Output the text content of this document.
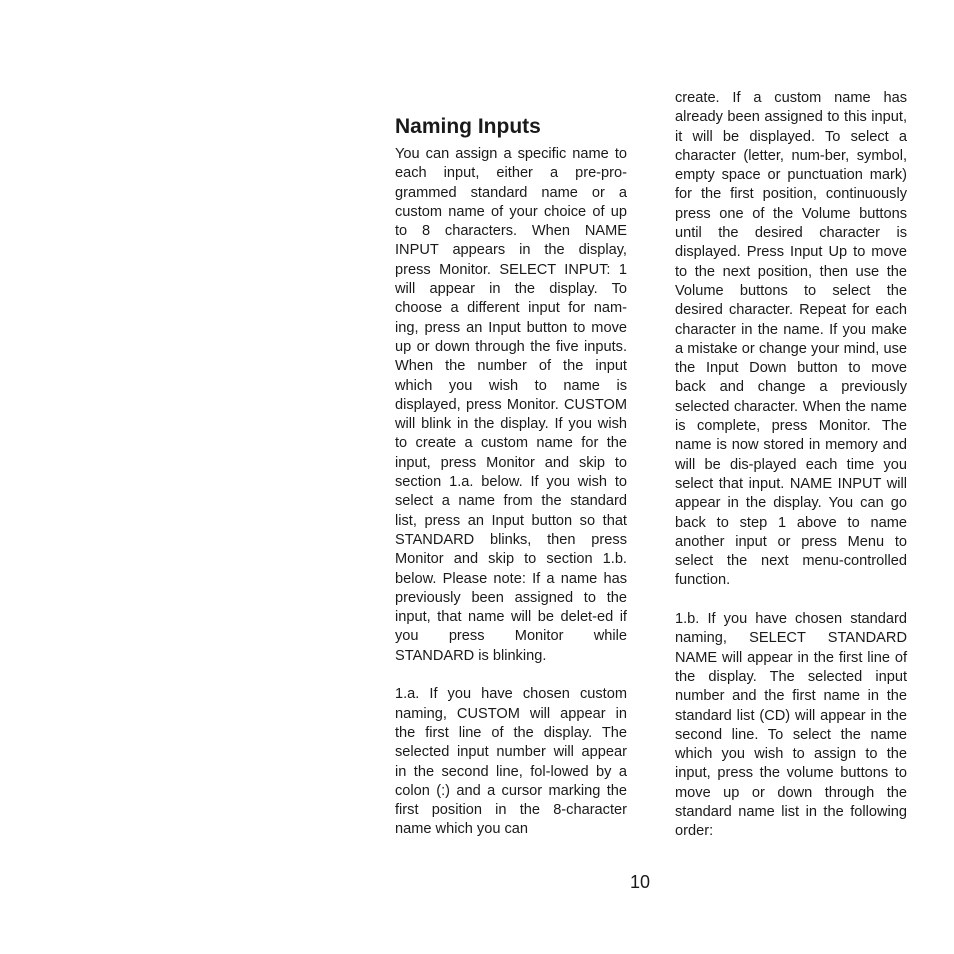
Naming Inputs

You can assign a specific name to each input, either a pre-pro-grammed standard name or a custom name of your choice of up to 8 characters. When NAME INPUT appears in the display, press Monitor. SELECT INPUT: 1 will appear in the display. To choose a different input for nam-ing, press an Input button to move up or down through the five inputs. When the number of the input which you wish to name is displayed, press Monitor. CUSTOM will blink in the display. If you wish to create a custom name for the input, press Monitor and skip to section 1.a. below. If you wish to select a name from the standard list, press an Input button so that STANDARD blinks, then press Monitor and skip to section 1.b. below. Please note: If a name has previously been assigned to the input, that name will be delet-ed if you press Monitor while STANDARD is blinking.

1.a. If you have chosen custom naming, CUSTOM will appear in the first line of the display. The selected input number will appear in the second line, fol-lowed by a colon (:) and a cursor marking the first position in the 8-character name which you can

create. If a custom name has already been assigned to this input, it will be displayed. To select a character (letter, num-ber, symbol, empty space or punctuation mark) for the first position, continuously press one of the Volume buttons until the desired character is displayed. Press Input Up to move to the next position, then use the Volume buttons to select the desired character. Repeat for each character in the name. If you make a mistake or change your mind, use the Input Down button to move back and change a previously selected character. When the name is complete, press Monitor. The name is now stored in memory and will be dis-played each time you select that input. NAME INPUT will appear in the display. You can go back to step 1 above to name another input or press Menu to select the next menu-controlled function.

1.b. If you have chosen standard naming, SELECT STANDARD NAME will appear in the first line of the display. The selected input number and the first name in the standard list (CD) will appear in the second line. To select the name which you wish to assign to the input, press the volume buttons to move up or down through the standard name list in the following order:

10
